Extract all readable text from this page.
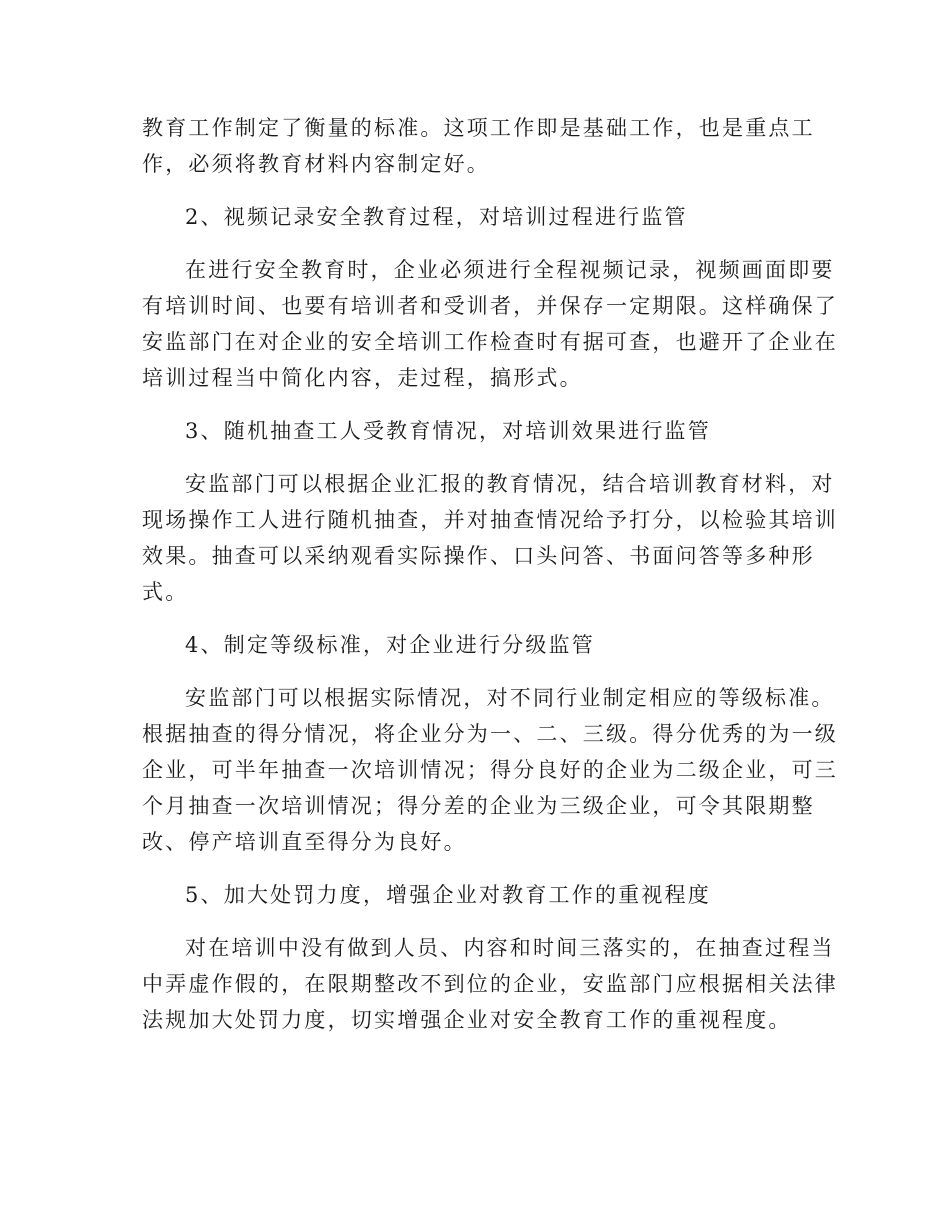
教育工作制定了衡量的标准。这项工作即是基础工作，也是重点工
作，必须将教育材料内容制定好。
2、视频记录安全教育过程，对培训过程进行监管
在进行安全教育时，企业必须进行全程视频记录，视频画面即要
有培训时间、也要有培训者和受训者，并保存一定期限。这样确保了
安监部门在对企业的安全培训工作检查时有据可查，也避开了企业在
培训过程当中简化内容，走过程，搞形式。
3、随机抽查工人受教育情况，对培训效果进行监管
安监部门可以根据企业汇报的教育情况，结合培训教育材料，对
现场操作工人进行随机抽查，并对抽查情况给予打分，以检验其培训
效果。抽查可以采纳观看实际操作、口头问答、书面问答等多种形
式。
4、制定等级标准，对企业进行分级监管
安监部门可以根据实际情况，对不同行业制定相应的等级标准。
根据抽查的得分情况，将企业分为一、二、三级。得分优秀的为一级
企业，可半年抽查一次培训情况；得分良好的企业为二级企业，可三
个月抽查一次培训情况；得分差的企业为三级企业，可令其限期整
改、停产培训直至得分为良好。
5、加大处罚力度，增强企业对教育工作的重视程度
对在培训中没有做到人员、内容和时间三落实的，在抽查过程当
中弄虚作假的，在限期整改不到位的企业，安监部门应根据相关法律
法规加大处罚力度，切实增强企业对安全教育工作的重视程度。
